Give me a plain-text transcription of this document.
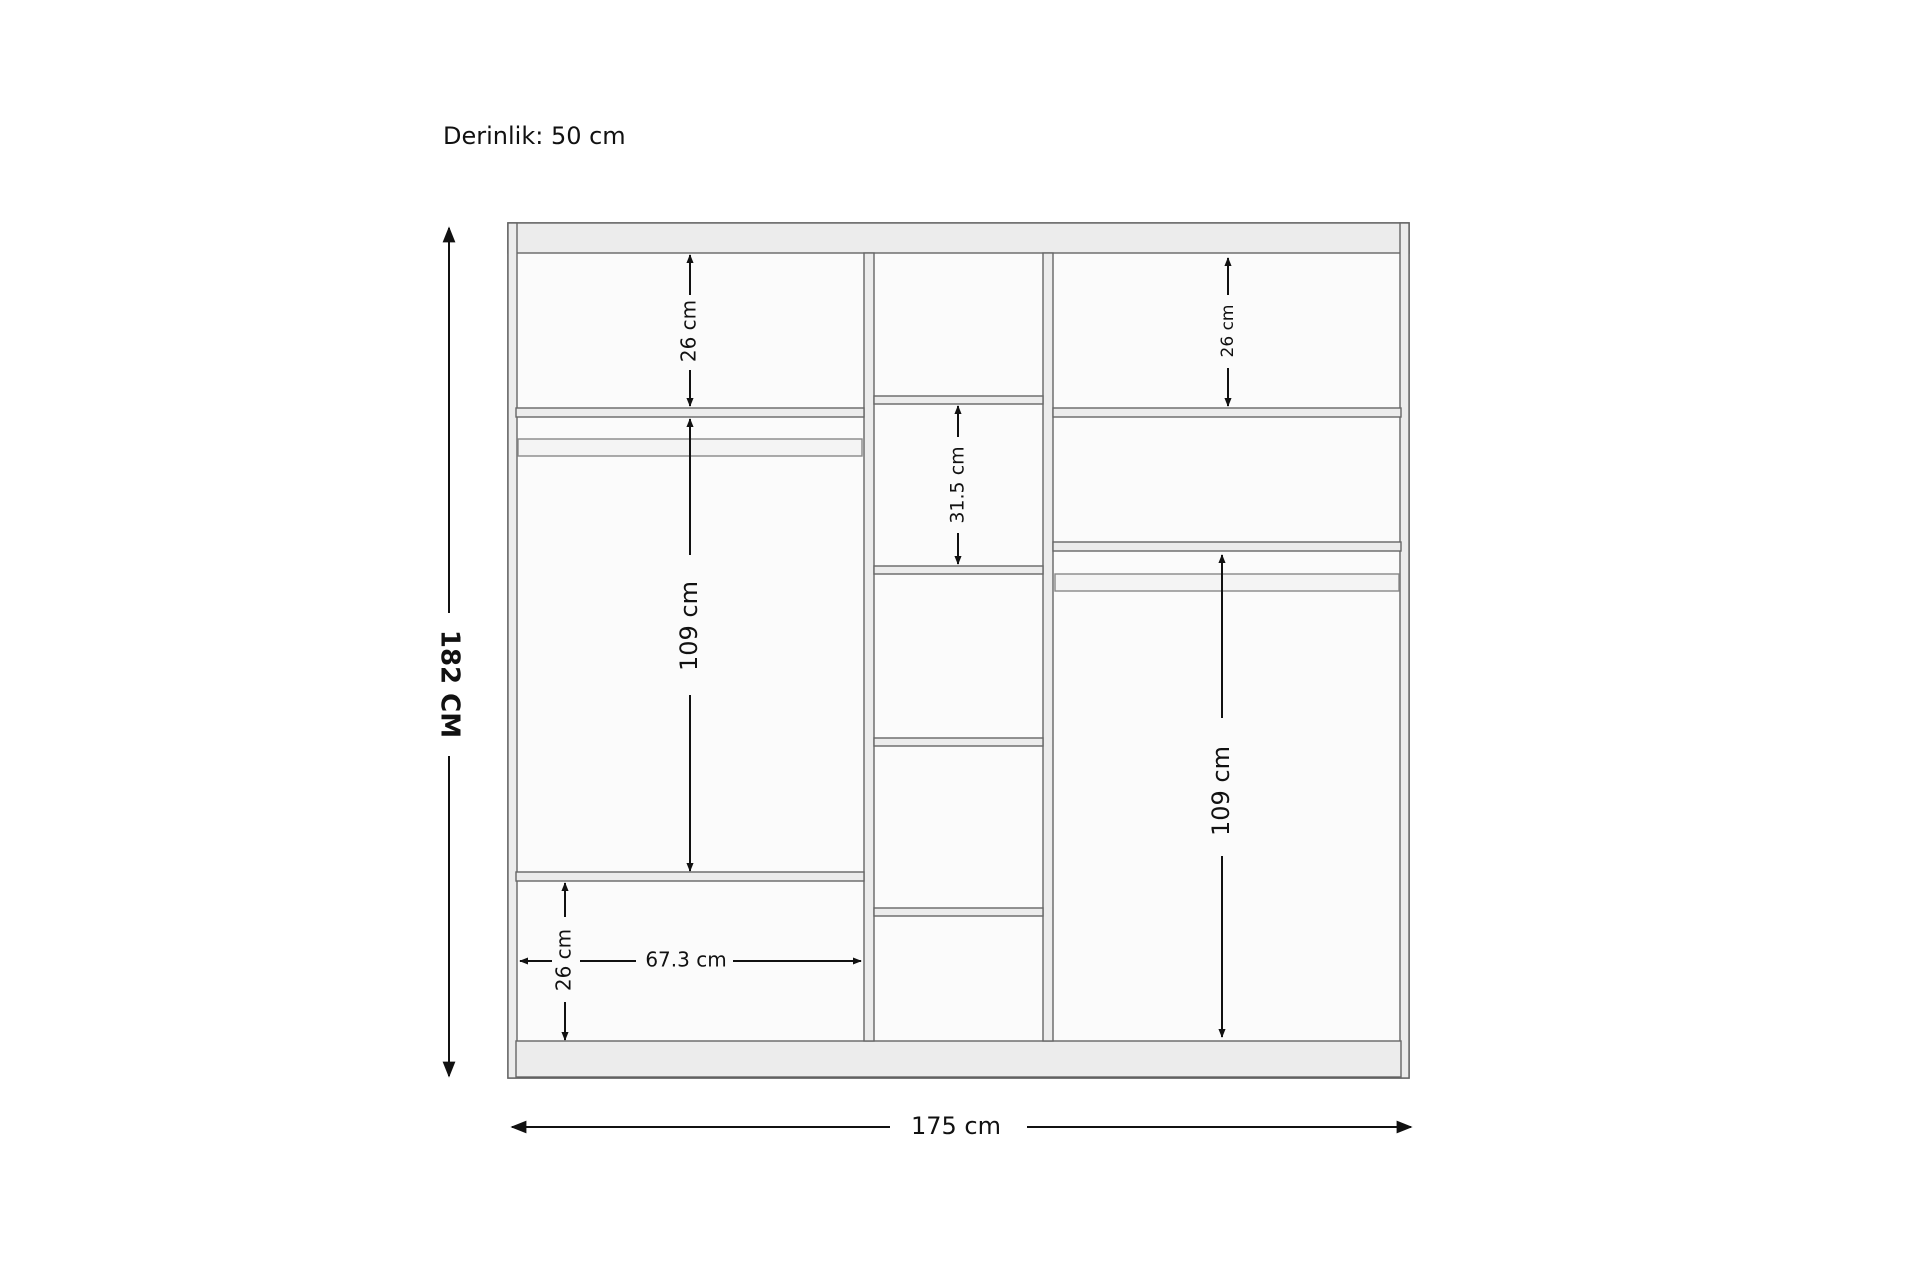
Derinlik: 50 cm
182 CM
175 cm
26 cm
109 cm
26 cm	67.3 cm
31.5 cm
26 cm
109 cm
